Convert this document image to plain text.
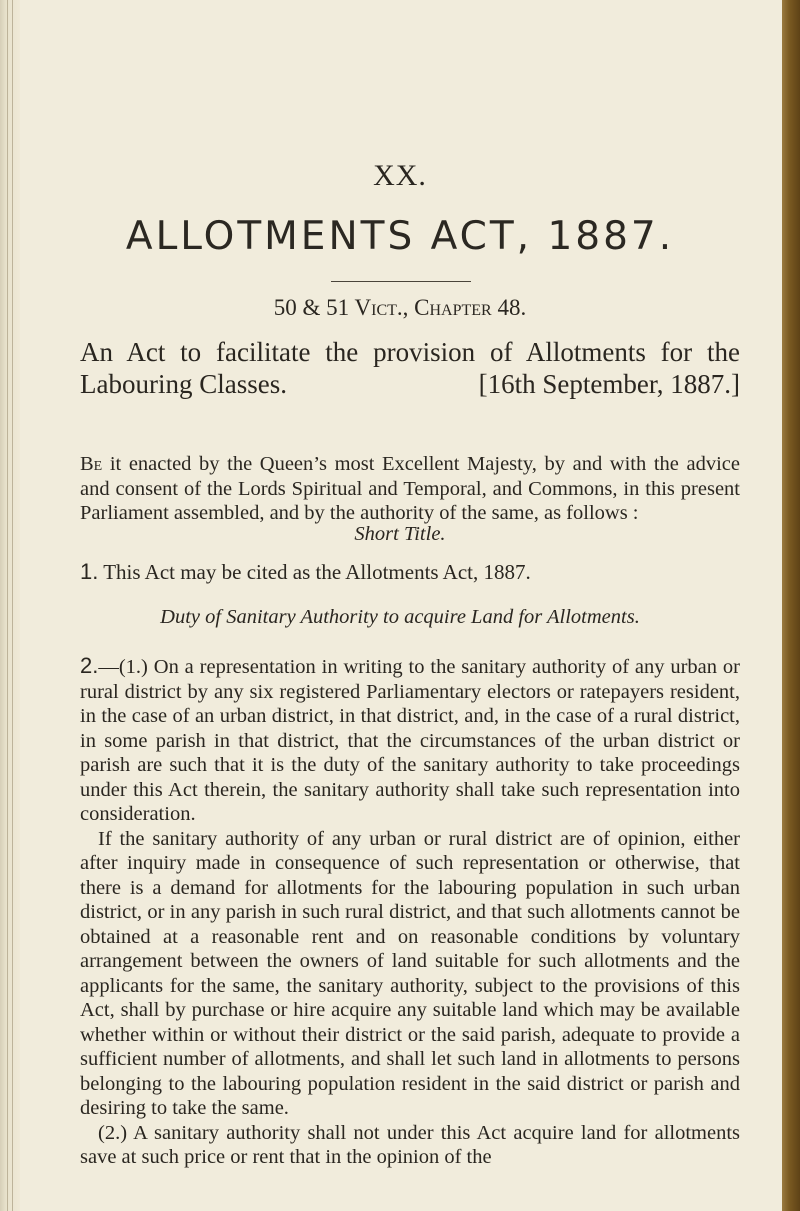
XX.
ALLOTMENTS ACT, 1887.
50 & 51 Vict., Chapter 48.
An Act to facilitate the provision of Allotments for the
Labouring Classes.	[16th September, 1887.]

Be it enacted by the Queen’s most Excellent Majesty, by and with the advice and consent of the Lords Spiritual and Temporal, and Commons, in this present Parliament assembled, and by the authority of the same, as follows :

Short Title.

1. This Act may be cited as the Allotments Act, 1887.

Duty of Sanitary Authority to acquire Land for Allotments.

2.—(1.) On a representation in writing to the sanitary authority of any urban or rural district by any six registered Parliamentary electors or ratepayers resident, in the case of an urban district, in that district, and, in the case of a rural district, in some parish in that district, that the circumstances of the urban district or parish are such that it is the duty of the sanitary authority to take proceedings under this Act therein, the sanitary authority shall take such representation into consideration.

If the sanitary authority of any urban or rural district are of opinion, either after inquiry made in consequence of such representation or otherwise, that there is a demand for allotments for the labouring population in such urban district, or in any parish in such rural district, and that such allotments cannot be obtained at a reasonable rent and on reasonable conditions by voluntary arrangement between the owners of land suitable for such allotments and the applicants for the same, the sanitary authority, subject to the provisions of this Act, shall by purchase or hire acquire any suitable land which may be available whether within or without their district or the said parish, adequate to provide a sufficient number of allotments, and shall let such land in allotments to persons belonging to the labouring population resident in the said district or parish and desiring to take the same.

(2.) A sanitary authority shall not under this Act acquire land for allotments save at such price or rent that in the opinion of the
